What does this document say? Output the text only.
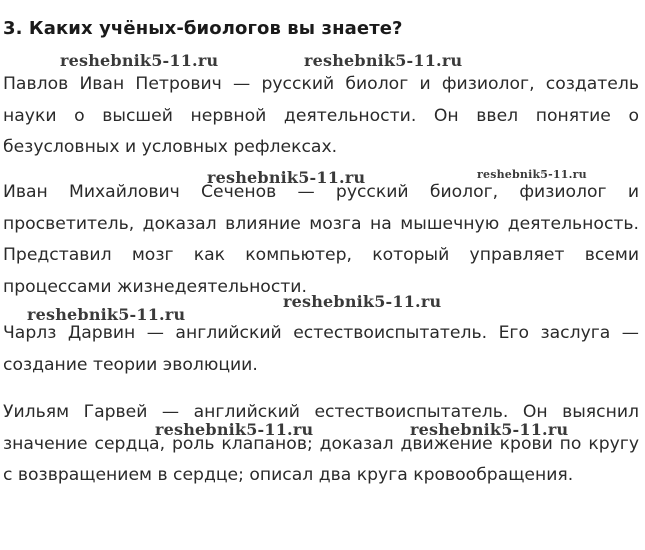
3. Каких учёных-биологов вы знаете?
Павлов Иван Петрович — русский биолог и физиолог, создатель науки о высшей нервной деятельности. Он ввел понятие о безусловных и условных рефлексах.
Иван Михайлович Сеченов — русский биолог, физиолог и просветитель, доказал влияние мозга на мышечную деятельность. Представил мозг как компьютер, который управляет всеми процессами жизнедеятельности.
Чарлз Дарвин — английский естествоиспытатель. Его заслуга — создание теории эволюции.
Уильям Гарвей — английский естествоиспытатель. Он выяснил значение сердца, роль клапанов; доказал движение крови по кругу с возвращением в сердце; описал два круга кровообращения.
reshebnik5-11.ru	reshebnik5-11.ru
reshebnik5-11.ru	reshebnik5-11.ru
reshebnik5-11.ru
reshebnik5-11.ru
reshebnik5-11.ru	reshebnik5-11.ru
